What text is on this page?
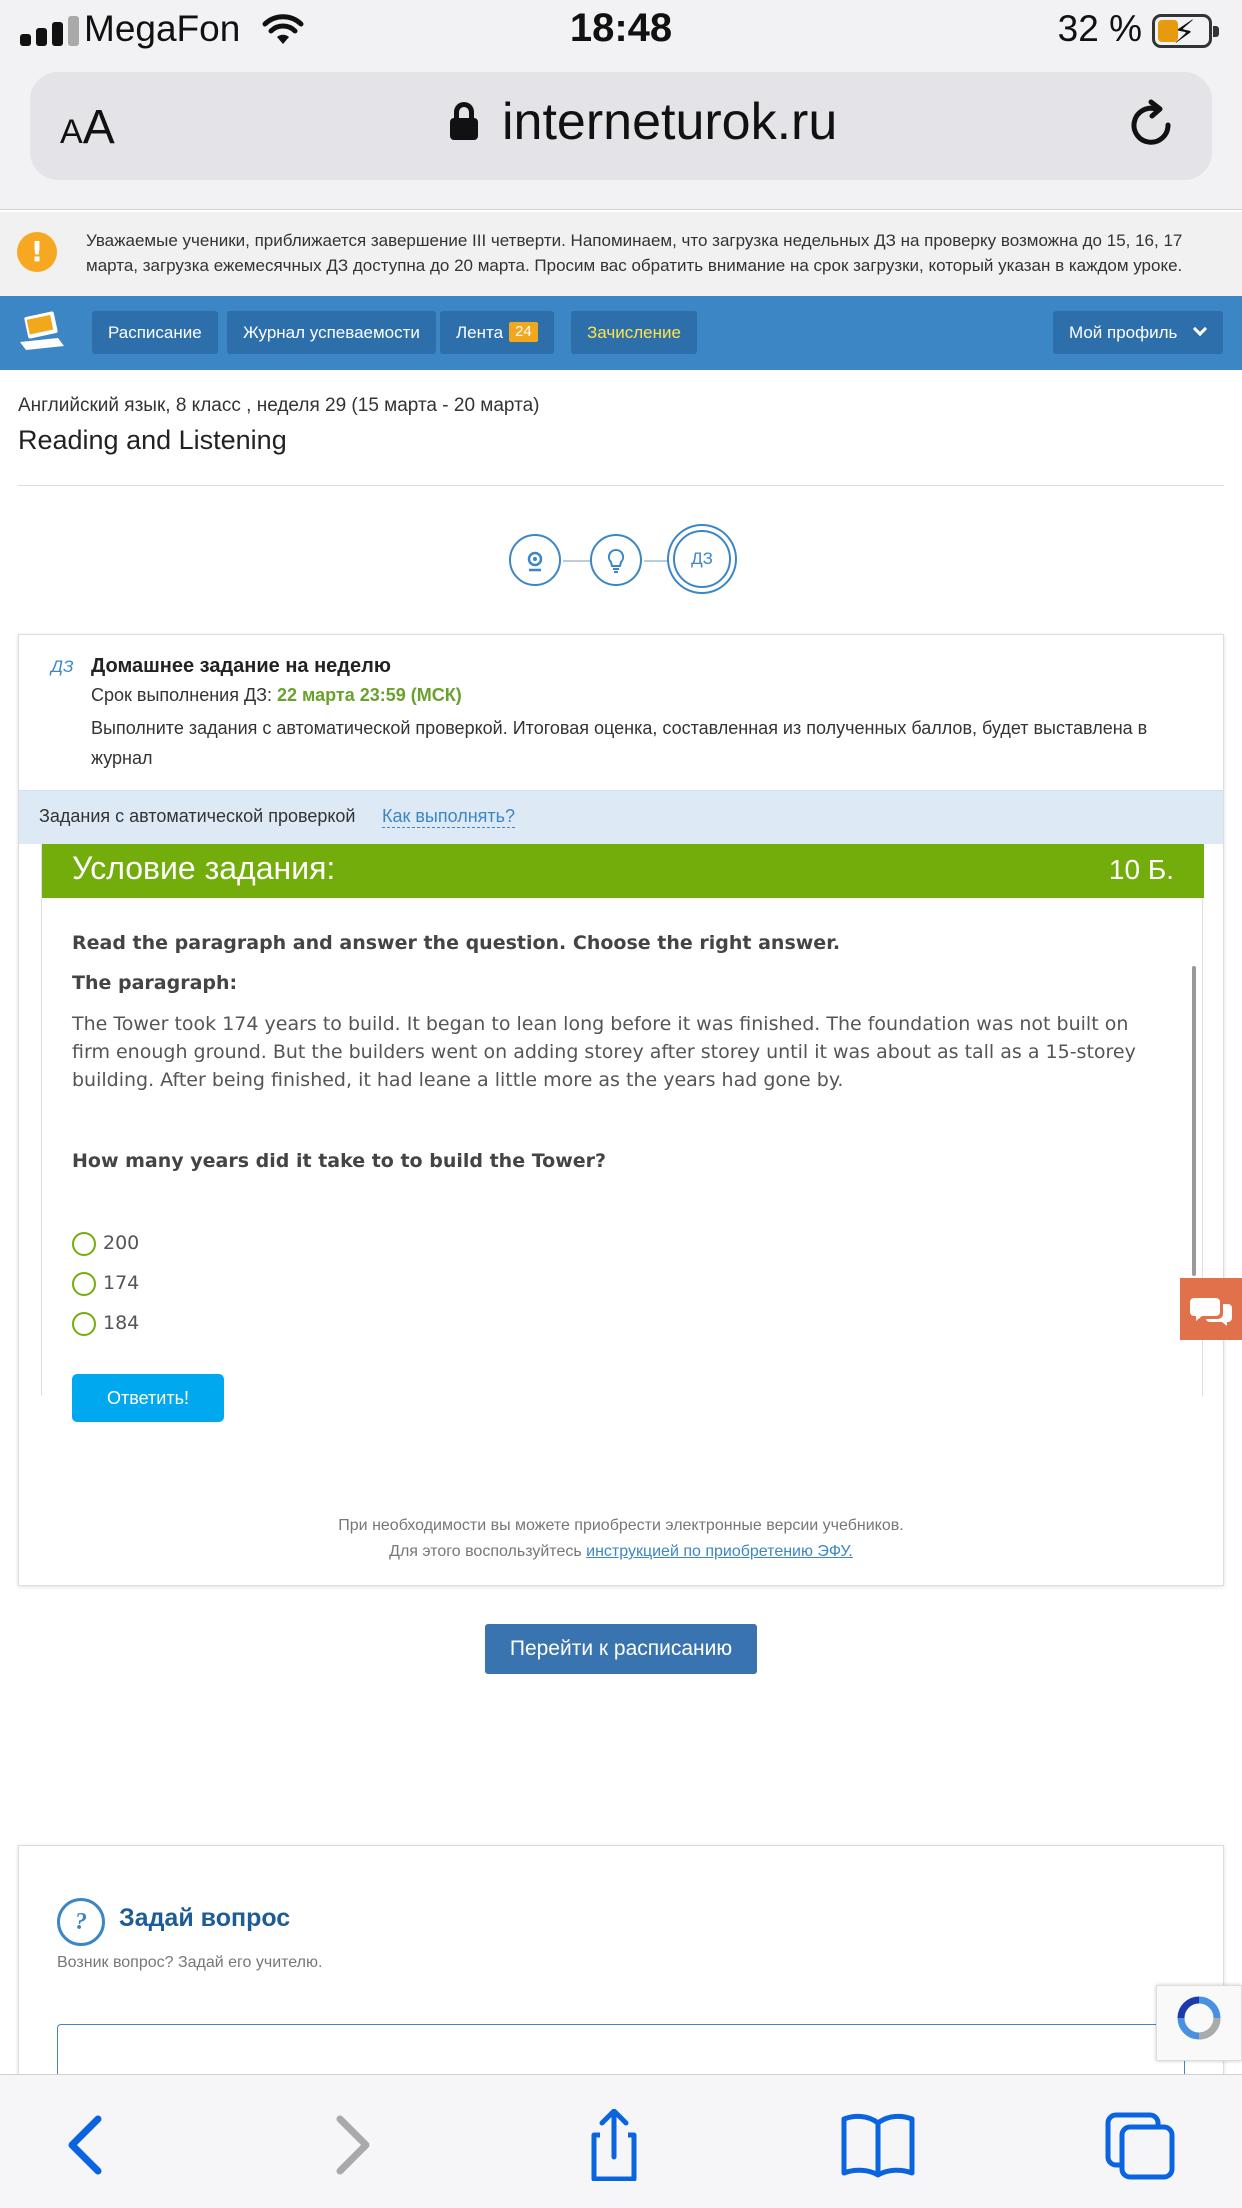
MegaFon	18:48	32 % ⚡
AA	interneturok.ru
!	Уважаемые ученики, приближается завершение III четверти. Напоминаем, что загрузка недельных ДЗ на проверку возможна до 15, 16, 17 марта, загрузка ежемесячных ДЗ доступна до 20 марта. Просим вас обратить внимание на срок загрузки, который указан в каждом уроке.
Расписание	Журнал успеваемости	Лента 24	Зачисление	Мой профиль
Английский язык, 8 класс , неделя 29 (15 марта - 20 марта)
Reading and Listening
ДЗ
ДЗ Домашнее задание на неделю
Срок выполнения ДЗ: 22 марта 23:59 (МСК)
Выполните задания с автоматической проверкой. Итоговая оценка, составленная из полученных баллов, будет выставлена в журнал
Задания с автоматической проверкой Как выполнять?
Условие задания:	10 Б.
Read the paragraph and answer the question. Choose the right answer.
The paragraph:
The Tower took 174 years to build. It began to lean long before it was finished. The foundation was not built on firm enough ground. But the builders went on adding storey after storey until it was about as tall as a 15-storey building. After being finished, it had leane a little more as the years had gone by.
How many years did it take to to build the Tower?
200
174
184
Ответить!
При необходимости вы можете приобрести электронные версии учебников.
Для этого воспользуйтесь инструкцией по приобретению ЭФУ.
Перейти к расписанию
?	Задай вопрос
Возник вопрос? Задай его учителю.
